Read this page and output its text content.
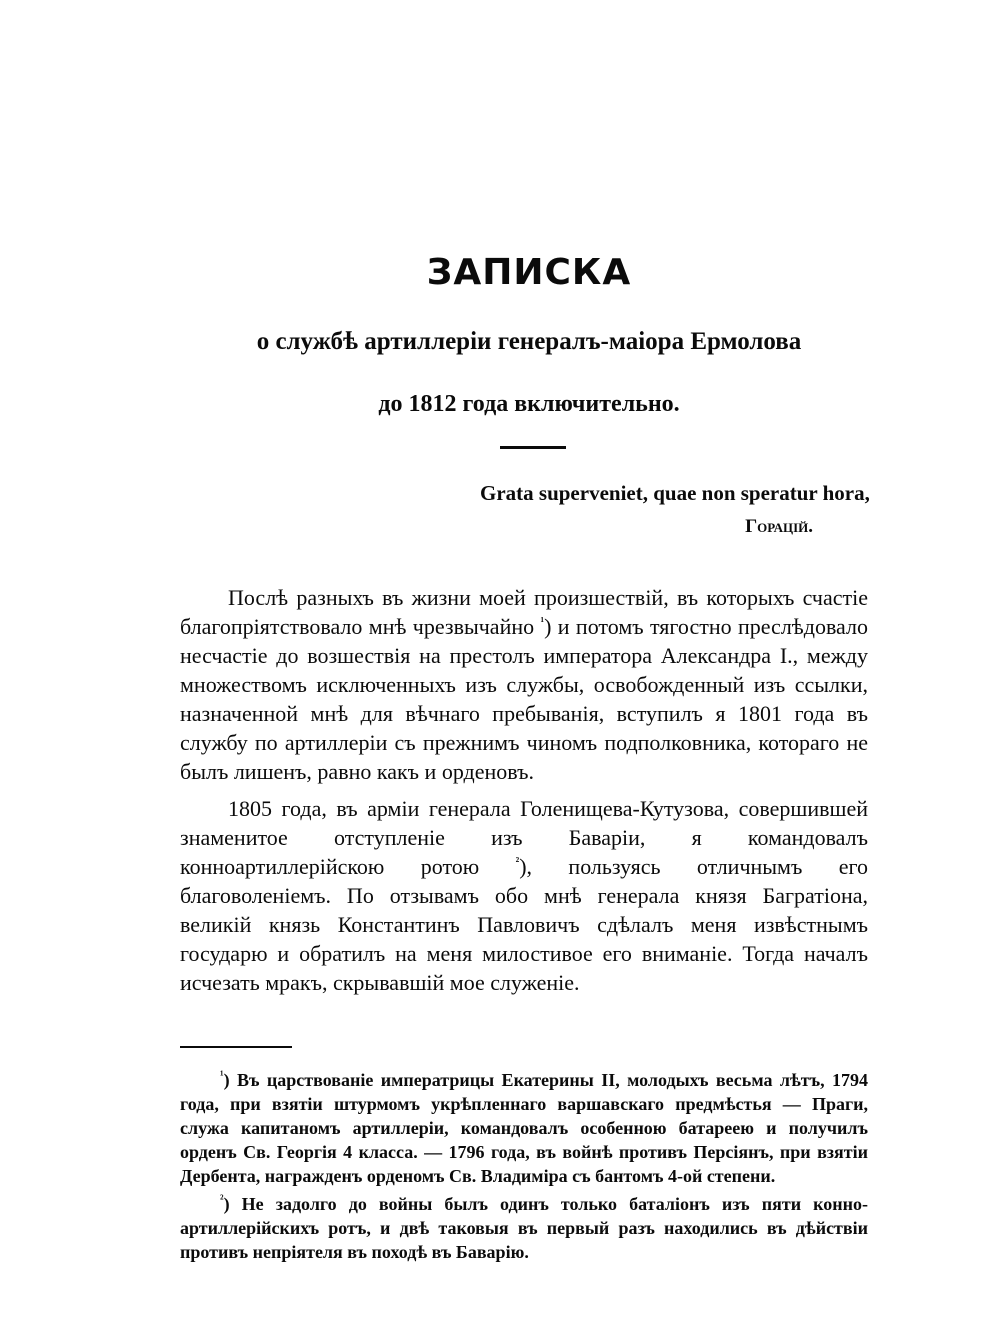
ЗАПИСКА
о службѣ артиллеріи генералъ-маіора Ермолова
до 1812 года включительно.
Grata superveniet, quae non speratur hora,
Горацій.

Послѣ разныхъ въ жизни моей произшествій, въ которыхъ счастіе благопріятствовало мнѣ чрезвычайно $^{^1}$) и потомъ тягостно преслѣдовало несчастіе до возшествія на престолъ императора Александра I., между множествомъ исключенныхъ изъ службы, освобожденный изъ ссылки, назначенной мнѣ для вѣчнаго пребыванія, вступилъ я 1801 года въ службу по артиллеріи съ прежнимъ чиномъ подполковника, котораго не былъ лишенъ, равно какъ и орденовъ.

1805 года, въ арміи генерала Голенищева-Кутузова, совершившей знаменитое отступленіе изъ Баваріи, я командовалъ конноартиллерійскою ротою $^{^2}$), пользуясь отличнымъ его благоволеніемъ. По отзывамъ обо мнѣ генерала князя Багратіона, великій князь Константинъ Павловичъ сдѣлалъ меня извѣстнымъ государю и обратилъ на меня милостивое его вниманіе. Тогда началъ исчезать мракъ, скрывавшій мое служеніе.

$^{^1}$) Въ царствованіе императрицы Екатерины II, молодыхъ весьма лѣтъ, 1794 года, при взятіи штурмомъ укрѣпленнаго варшавскаго предмѣстья — Праги, служа капитаномъ артиллеріи, командовалъ особенною батареею и получилъ орденъ Св. Георгія 4 класса. — 1796 года, въ войнѣ противъ Персіянъ, при взятіи Дербента, награжденъ орденомъ Св. Владиміра съ бантомъ 4-ой степени.

$^{^2}$) Не задолго до войны былъ одинъ только баталіонъ изъ пяти конно-артиллерійскихъ ротъ, и двѣ таковыя въ первый разъ находились въ дѣйствіи противъ непріятеля въ походѣ въ Баварію.
